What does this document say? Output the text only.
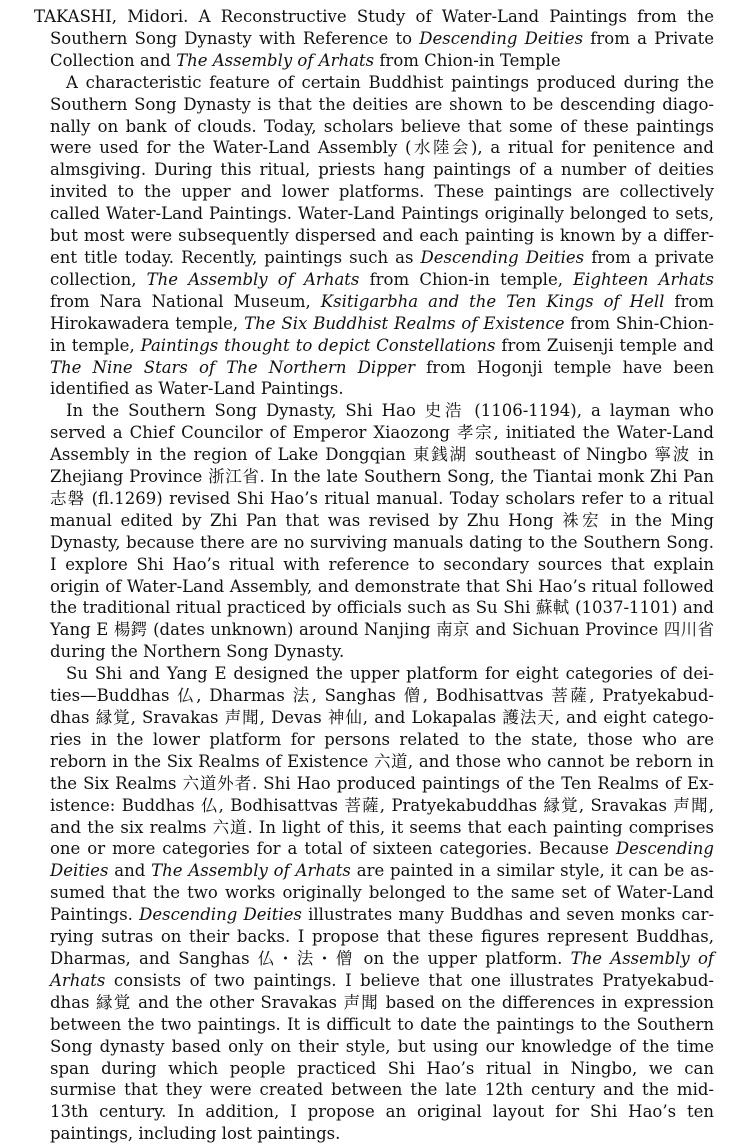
TAKASHI, Midori. A Reconstructive Study of Water-Land Paintings from the Southern Song Dynasty with Reference to Descending Deities from a Private Collection and The Assembly of Arhats from Chion-in Temple

A characteristic feature of certain Buddhist paintings produced during the Southern Song Dynasty is that the deities are shown to be descending diagonally on bank of clouds. Today, scholars believe that some of these paintings were used for the Water-Land Assembly (水陸会), a ritual for penitence and almsgiving. During this ritual, priests hang paintings of a number of deities invited to the upper and lower platforms. These paintings are collectively called Water-Land Paintings. Water-Land Paintings originally belonged to sets, but most were subsequently dispersed and each painting is known by a different title today. Recently, paintings such as Descending Deities from a private collection, The Assembly of Arhats from Chion-in temple, Eighteen Arhats from Nara National Museum, Ksitigarbha and the Ten Kings of Hell from Hirokawadera temple, The Six Buddhist Realms of Existence from Shin-Chion-in temple, Paintings thought to depict Constellations from Zuisenji temple and The Nine Stars of The Northern Dipper from Hogonji temple have been identified as Water-Land Paintings.

In the Southern Song Dynasty, Shi Hao 史浩 (1106-1194), a layman who served a Chief Councilor of Emperor Xiaozong 孝宗, initiated the Water-Land Assembly in the region of Lake Dongqian 東銭湖 southeast of Ningbo 寧波 in Zhejiang Province 浙江省. In the late Southern Song, the Tiantai monk Zhi Pan 志磐 (fl.1269) revised Shi Hao’s ritual manual. Today scholars refer to a ritual manual edited by Zhi Pan that was revised by Zhu Hong 祩宏 in the Ming Dynasty, because there are no surviving manuals dating to the Southern Song. I explore Shi Hao’s ritual with reference to secondary sources that explain origin of Water-Land Assembly, and demonstrate that Shi Hao’s ritual followed the traditional ritual practiced by officials such as Su Shi 蘇軾 (1037-1101) and Yang E 楊鍔 (dates unknown) around Nanjing 南京 and Sichuan Province 四川省 during the Northern Song Dynasty.

Su Shi and Yang E designed the upper platform for eight categories of deities—Buddhas 仏, Dharmas 法, Sanghas 僧, Bodhisattvas 菩薩, Pratyekabuddhas 縁覚, Sravakas 声聞, Devas 神仙, and Lokapalas 護法天, and eight categories in the lower platform for persons related to the state, those who are reborn in the Six Realms of Existence 六道, and those who cannot be reborn in the Six Realms 六道外者. Shi Hao produced paintings of the Ten Realms of Existence: Buddhas 仏, Bodhisattvas 菩薩, Pratyekabuddhas 縁覚, Sravakas 声聞, and the six realms 六道. In light of this, it seems that each painting comprises one or more categories for a total of sixteen categories. Because Descending Deities and The Assembly of Arhats are painted in a similar style, it can be assumed that the two works originally belonged to the same set of Water-Land Paintings. Descending Deities illustrates many Buddhas and seven monks carrying sutras on their backs. I propose that these figures represent Buddhas, Dharmas, and Sanghas 仏・法・僧 on the upper platform. The Assembly of Arhats consists of two paintings. I believe that one illustrates Pratyekabuddhas 縁覚 and the other Sravakas 声聞 based on the differences in expression between the two paintings. It is difficult to date the paintings to the Southern Song dynasty based only on their style, but using our knowledge of the time span during which people practiced Shi Hao’s ritual in Ningbo, we can surmise that they were created between the late 12th century and the mid-13th century. In addition, I propose an original layout for Shi Hao’s ten paintings, including lost paintings.
